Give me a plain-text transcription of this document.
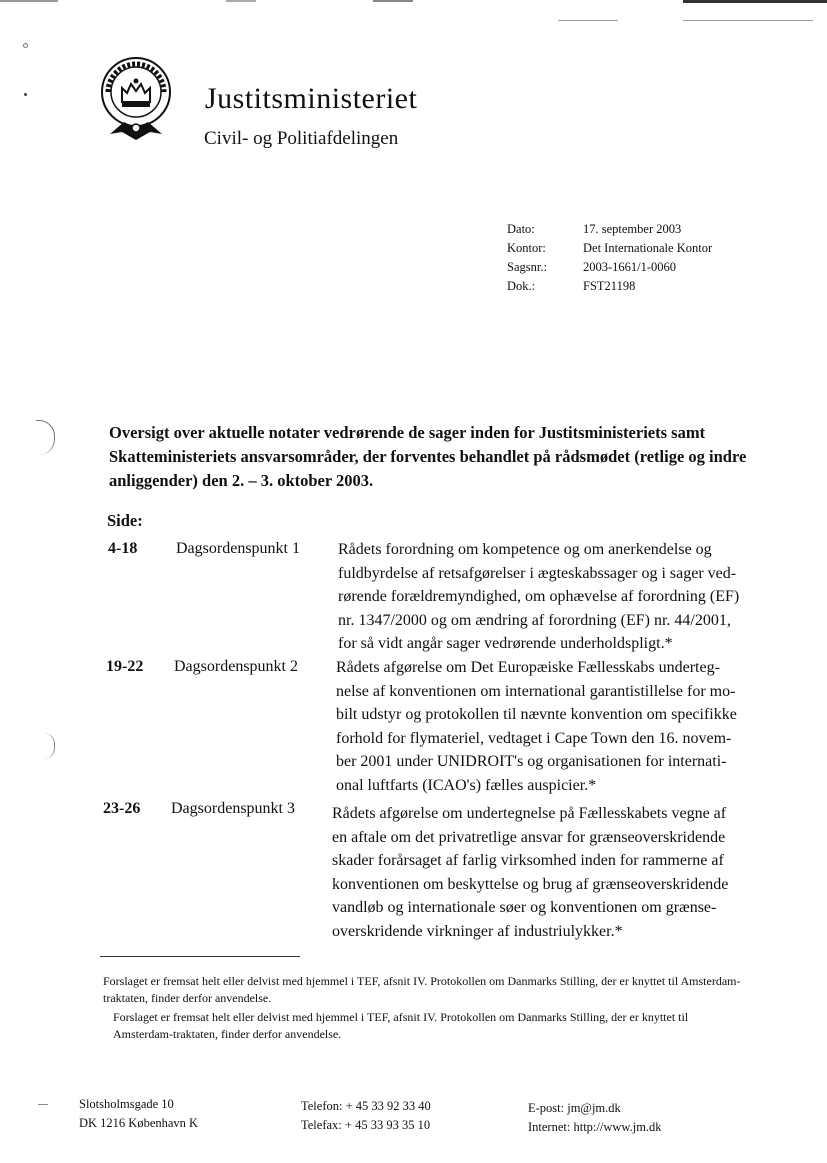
Justitsministeriet
Civil- og Politiafdelingen
Dato:	17. september 2003
Kontor:	Det Internationale Kontor
Sagsnr.:	2003-1661/1-0060
Dok.:	FST21198
Oversigt over aktuelle notater vedrørende de sager inden for Justitsministeriets samt Skatteministeriets ansvarsområder, der forventes behandlet på rådsmødet (retlige og indre anliggender) den 2. – 3. oktober 2003.
Side:
4-18 Dagsordenspunkt 1 Rådets forordning om kompetence og om anerkendelse og
fuldbyrdelse af retsafgørelser i ægteskabssager og i sager ved-
rørende forældremyndighed, om ophævelse af forordning (EF)
nr. 1347/2000 og om ændring af forordning (EF) nr. 44/2001,
for så vidt angår sager vedrørende underholdspligt.*
19-22 Dagsordenspunkt 2 Rådets afgørelse om Det Europæiske Fællesskabs underteg-
nelse af konventionen om international garantistillelse for mo-
bilt udstyr og protokollen til nævnte konvention om specifikke
forhold for flymateriel, vedtaget i Cape Town den 16. novem-
ber 2001 under UNIDROIT's og organisationen for internati-
onal luftfarts (ICAO's) fælles auspicier.*
23-26 Dagsordenspunkt 3 Rådets afgørelse om undertegnelse på Fællesskabets vegne af
en aftale om det privatretlige ansvar for grænseoverskridende
skader forårsaget af farlig virksomhed inden for rammerne af
konventionen om beskyttelse og brug af grænseoverskridende
vandløb og internationale søer og konventionen om grænse-
overskridende virkninger af industriulykker.*
Forslaget er fremsat helt eller delvist med hjemmel i TEF, afsnit IV. Protokollen om Danmarks Stilling, der er knyttet til Amsterdam-traktaten, finder derfor anvendelse.
Forslaget er fremsat helt eller delvist med hjemmel i TEF, afsnit IV. Protokollen om Danmarks Stilling, der er knyttet til Amsterdam-traktaten, finder derfor anvendelse.
Slotsholmsgade 10
DK 1216 København K
Telefon: + 45 33 92 33 40
Telefax: + 45 33 93 35 10
E-post: jm@jm.dk
Internet: http://www.jm.dk
